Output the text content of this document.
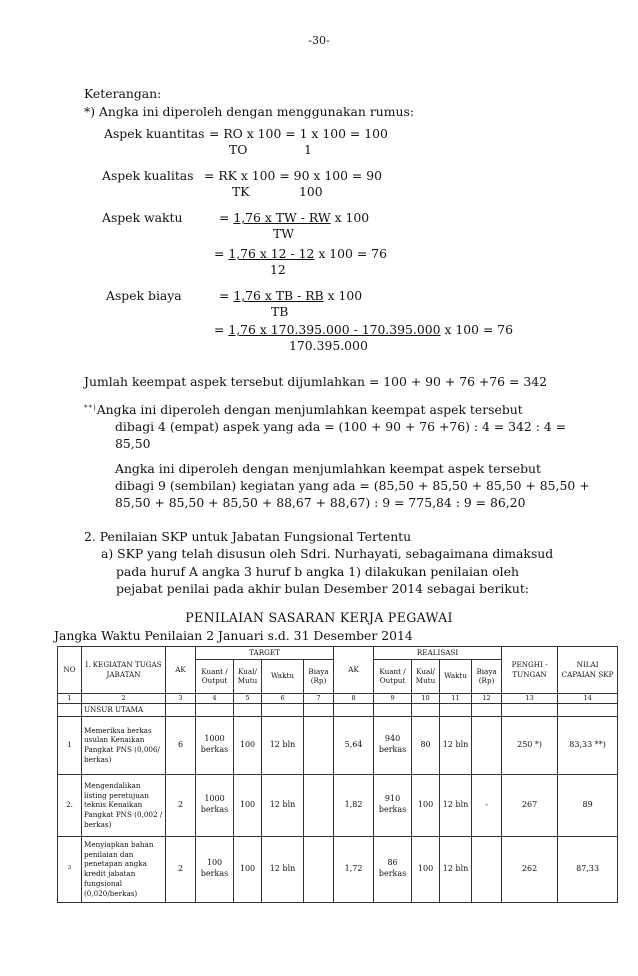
-30-
Keterangan:
*) Angka ini diperoleh dengan menggunakan rumus:
Aspek kuantitas = RO x 100 = 1 x 100 = 100
TO	1
Aspek kualitas = RK x 100 = 90 x 100 = 90
TK	100
Aspek waktu	= 1,76 x TW - RW x 100
TW
= 1,76 x 12 - 12 x 100 = 76
12
Aspek biaya	= 1,76 x TB - RB x 100
TB
= 1,76 x 170.395.000 - 170.395.000 x 100 = 76
170.395.000
Jumlah keempat aspek tersebut dijumlahkan = 100 + 90 + 76 +76 = 342
**)Angka ini diperoleh dengan menjumlahkan keempat aspek tersebut
dibagi 4 (empat) aspek yang ada = (100 + 90 + 76 +76) : 4 = 342 : 4 =
85,50
Angka ini diperoleh dengan menjumlahkan keempat aspek tersebut
dibagi 9 (sembilan) kegiatan yang ada = (85,50 + 85,50 + 85,50 + 85,50 +
85,50 + 85,50 + 85,50 + 88,67 + 88,67) : 9 = 775,84 : 9 = 86,20
2. Penilaian SKP untuk Jabatan Fungsional Tertentu
a) SKP yang telah disusun oleh Sdri. Nurhayati, sebagaimana dimaksud
pada huruf A angka 3 huruf b angka 1) dilakukan penilaian oleh
pejabat penilai pada akhir bulan Desember 2014 sebagai berikut:
PENILAIAN SASARAN KERJA PEGAWAI
Jangka Waktu Penilaian 2 Januari s.d. 31 Desember 2014
NO	I. KEGIATAN TUGAS JABATAN	AK	TARGET				AK	REALISASI				PENGHI -TUNGAN	NILAI CAPAIAN SKP
			Kuant / Output	Kual/ Mutu	Waktu	Biaya (Rp)		Kuant / Output	Kual/ Mutu	Waktu	Biaya (Rp)		
1	2	3	4	5	6	7	8	9	10	11	12	13	14
	UNSUR UTAMA												
1	Memeriksa berkas usulan Kenaikan Pangkat PNS (0,006/ berkas)	6	1000 berkas	100	12 bln		5,64	940 berkas	80	12 bln		250 *)	83,33 **)
2.	Mengendalikan listing peretujuan teknis Kenaikan Pangkat PNS (0,002 / berkas)	2	1000 berkas	100	12 bln		1,82	910 berkas	100	12 bln	-	267	89
3	Menyiapkan bahan penilaian dan penetapan angka kredit jabatan fungsional (0,020/berkas)	2	100 berkas	100	12 bln		1,72	86 berkas	100	12 bln		262	87,33
